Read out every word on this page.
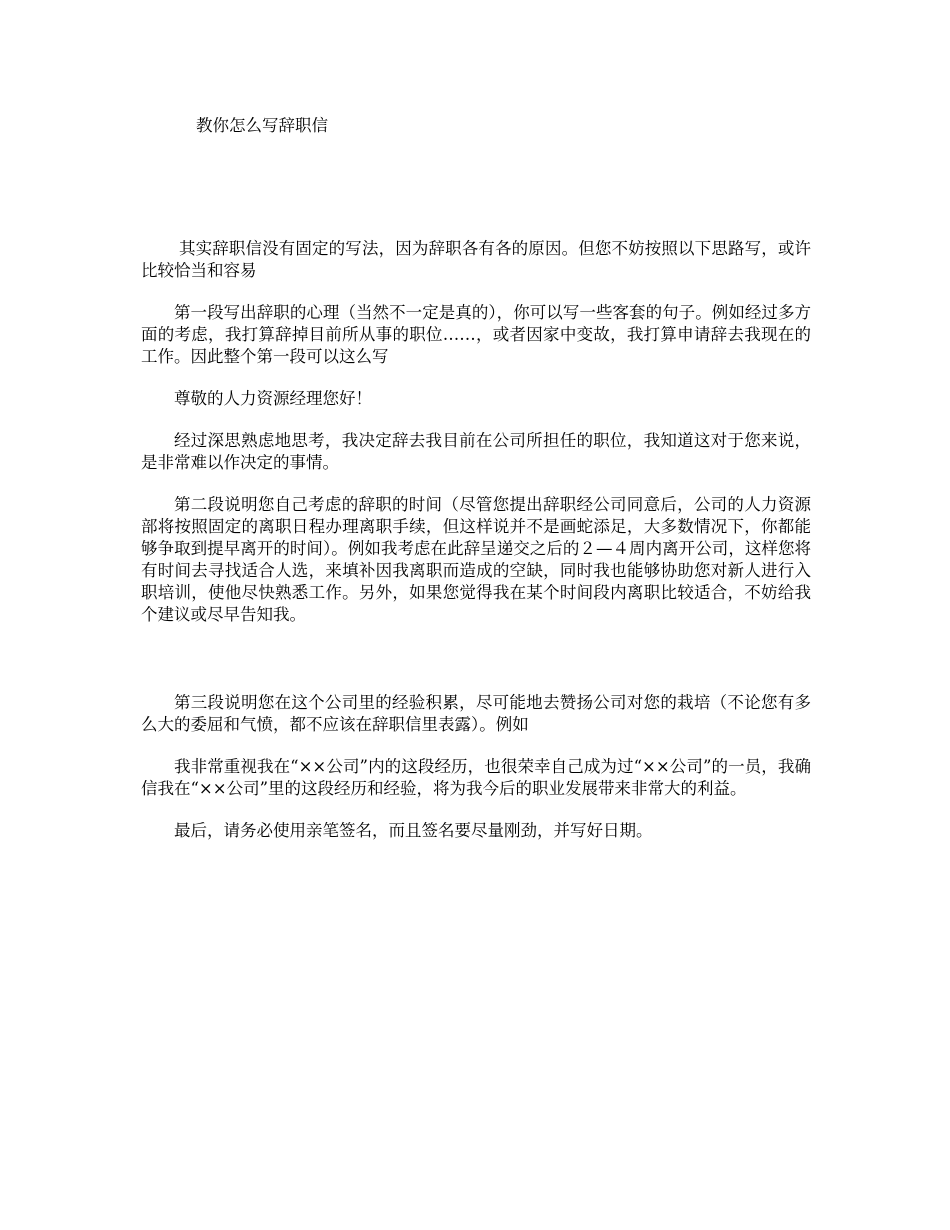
教你怎么写辞职信

其实辞职信没有固定的写法，因为辞职各有各的原因。但您不妨按照以下思路写，或许比较恰当和容易

第一段写出辞职的心理（当然不一定是真的），你可以写一些客套的句子。例如经过多方面的考虑，我打算辞掉目前所从事的职位……，或者因家中变故，我打算申请辞去我现在的工作。因此整个第一段可以这么写

尊敬的人力资源经理您好！

经过深思熟虑地思考，我决定辞去我目前在公司所担任的职位，我知道这对于您来说，是非常难以作决定的事情。

第二段说明您自己考虑的辞职的时间（尽管您提出辞职经公司同意后，公司的人力资源部将按照固定的离职日程办理离职手续，但这样说并不是画蛇添足，大多数情况下，你都能够争取到提早离开的时间）。例如我考虑在此辞呈递交之后的２—４周内离开公司，这样您将有时间去寻找适合人选，来填补因我离职而造成的空缺，同时我也能够协助您对新人进行入职培训，使他尽快熟悉工作。另外，如果您觉得我在某个时间段内离职比较适合，不妨给我个建议或尽早告知我。

第三段说明您在这个公司里的经验积累，尽可能地去赞扬公司对您的栽培（不论您有多么大的委屈和气愤，都不应该在辞职信里表露）。例如

我非常重视我在“××公司”内的这段经历，也很荣幸自己成为过“××公司”的一员，我确信我在“××公司”里的这段经历和经验，将为我今后的职业发展带来非常大的利益。

最后，请务必使用亲笔签名，而且签名要尽量刚劲，并写好日期。
